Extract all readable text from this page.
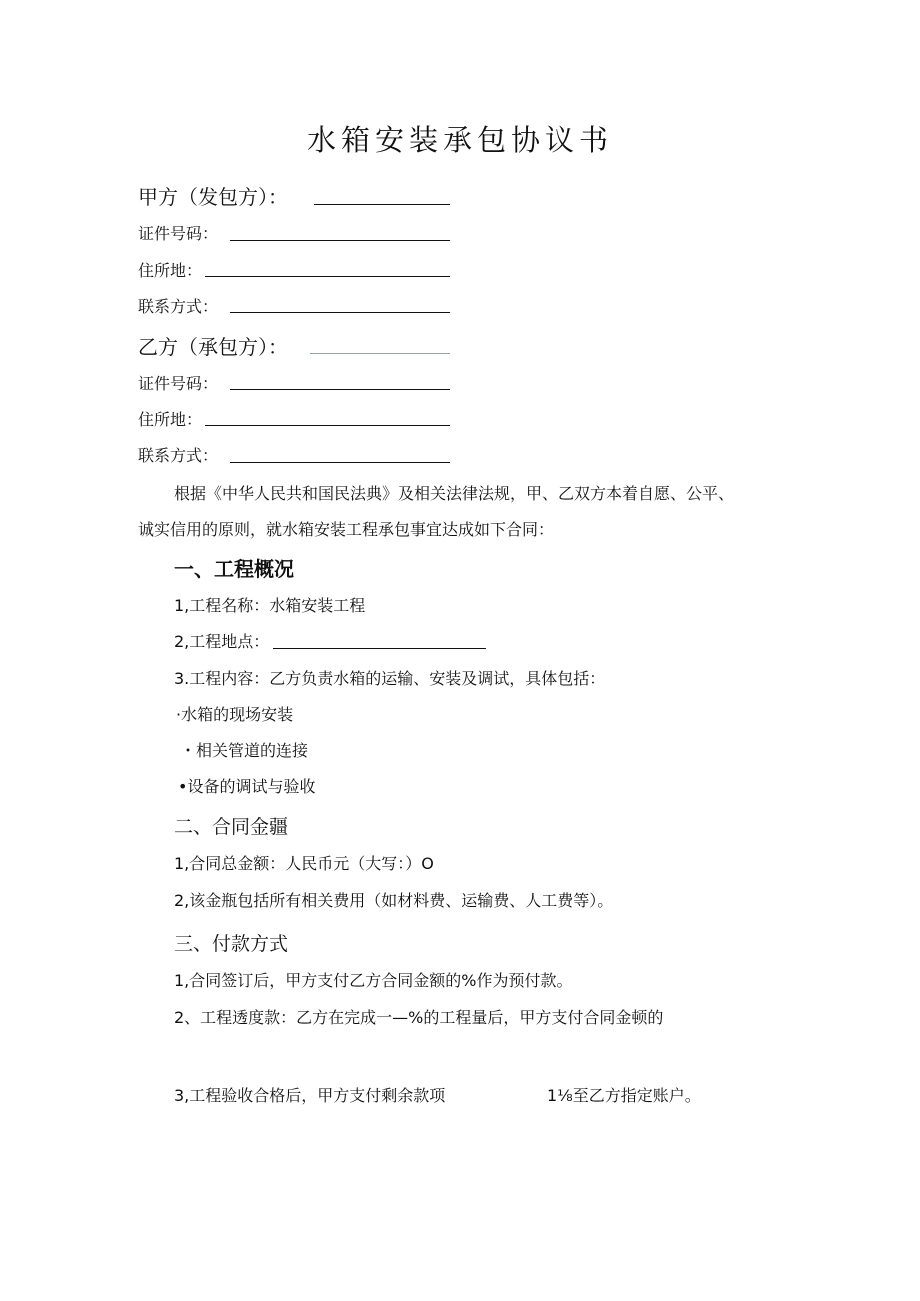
水箱安装承包协议书
甲方（发包方）：
证件号码：
住所地：
联系方式：
乙方（承包方）：
证件号码：
住所地：
联系方式：
根据《中华人民共和国民法典》及相关法律法规，甲、乙双方本着自愿、公平、
诚实信用的原则，就水箱安装工程承包事宜达成如下合同：
一、工程概况
1,工程名称：水箱安装工程
2,工程地点：
3.工程内容：乙方负责水箱的运输、安装及调试，具体包括：
·水箱的现场安装
・相关管道的连接
•设备的调试与验收
二、合同金疆
1,合同总金额：人民币元（大写：）O
2,该金瓶包括所有相关费用（如材料费、运输费、人工费等）。
三、付款方式
1,合同签订后，甲方支付乙方合同金额的%作为预付款。
2、工程透度款：乙方在完成一—%的工程量后，甲方支付合同金顿的
3,工程验收合格后，甲方支付剩余款项	1⅛至乙方指定账户。
